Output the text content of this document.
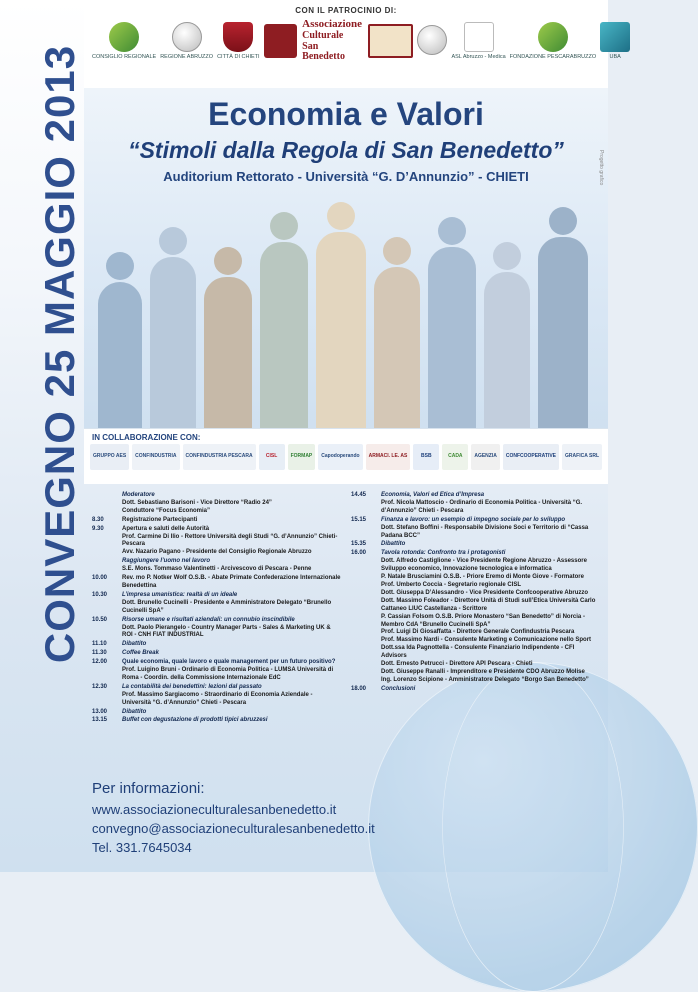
CONVEGNO 25 MAGGIO 2013
CON IL PATROCINIO DI:
CONSIGLIO REGIONALE REGIONE ABRUZZO CITTÀ DI CHIETI
Associazione
Culturale
San Benedetto	ASL Abruzzo - Medica FONDAZIONE PESCARABRUZZO	UBA
Economia e Valori
“Stimoli dalla Regola di San Benedetto”
Auditorium Rettorato - Università “G. D’Annunzio” - CHIETI	Progetto grafico
IN COLLABORAZIONE CON:
GRUPPO AES	CONFINDUSTRIA	CONFINDUSTRIA PESCARA	CISL	FORMAP	Capodoperando	ARMACI. LE. AS	BSB	CADA	AGENZIA	CONFCOOPERATIVE	GRAFICA SRL
Moderatore
Dott. Sebastiano Barisoni - Vice Direttore “Radio 24”
Conduttore “Focus Economia”
8.30	Registrazione Partecipanti
9.30	Apertura e saluti delle Autorità
Prof. Carmine Di Ilio - Rettore Università degli Studi “G. d’Annunzio” Chieti-Pescara
Avv. Nazario Pagano - Presidente del Consiglio Regionale Abruzzo
Raggiungere l’uomo nel lavoro
S.E. Mons. Tommaso Valentinetti - Arcivescovo di Pescara - Penne
10.00	Rev. mo P. Notker Wolf O.S.B. - Abate Primate Confederazione Internazionale Benedettina
10.30	L’impresa umanistica: realtà di un ideale
Dott. Brunello Cucinelli - Presidente e Amministratore Delegato “Brunello Cucinelli SpA”
10.50	Risorse umane e risultati aziendali: un connubio inscindibile
Dott. Paolo Pierangelo - Country Manager Parts - Sales & Marketing UK & ROI - CNH FIAT INDUSTRIAL
11.10	Dibattito
11.30	Coffee Break
12.00	Quale economia, quale lavoro e quale management per un futuro positivo?
Prof. Luigino Bruni - Ordinario di Economia Politica - LUMSA Università di Roma - Coordin. della Commissione Internazionale EdC
12.30	La contabilità dei benedettini: lezioni dal passato
Prof. Massimo Sargiacomo - Straordinario di Economia Aziendale - Università “G. d’Annunzio” Chieti - Pescara
13.00	Dibattito
13.15	Buffet con degustazione di prodotti tipici abruzzesi
14.45	Economia, Valori ed Etica d’Impresa
Prof. Nicola Mattoscio - Ordinario di Economia Politica - Università “G. d’Annunzio” Chieti - Pescara
15.15	Finanza e lavoro: un esempio di impegno sociale per lo sviluppo
Dott. Stefano Boffini - Responsabile Divisione Soci e Territorio di “Cassa Padana BCC”
15.35	Dibattito
16.00	Tavola rotonda: Confronto tra i protagonisti
Dott. Alfredo Castiglione - Vice Presidente Regione Abruzzo - Assessore Sviluppo economico, Innovazione tecnologica e informatica
P. Natale Brusciamini O.S.B. - Priore Eremo di Monte Giove - Formatore
Prof. Umberto Coccia - Segretario regionale CISL
Dott. Giuseppa D’Alessandro - Vice Presidente Confcooperative Abruzzo
Dott. Massimo Foleador - Direttore Unità di Studi sull’Etica Università Carlo Cattaneo LIUC Castellanza - Scrittore
P. Cassian Folsom O.S.B. Priore Monastero “San Benedetto” di Norcia - Membro CdA “Brunello Cucinelli SpA”
Prof. Luigi Di Giosaffatta - Direttore Generale Confindustria Pescara
Prof. Massimo Nardi - Consulente Marketing e Comunicazione nello Sport
Dott.ssa Ida Pagnottella - Consulente Finanziario Indipendente - CFI Advisors
Dott. Ernesto Petrucci - Direttore API Pescara - Chieti
Dott. Giuseppe Ranalli - Imprenditore e Presidente CDO Abruzzo Molise
Ing. Lorenzo Scipione - Amministratore Delegato “Borgo San Benedetto”
18.00	Conclusioni
Per informazioni:
www.associazioneculturalesanbenedetto.it
convegno@associazioneculturalesanbenedetto.it
Tel. 331.7645034
